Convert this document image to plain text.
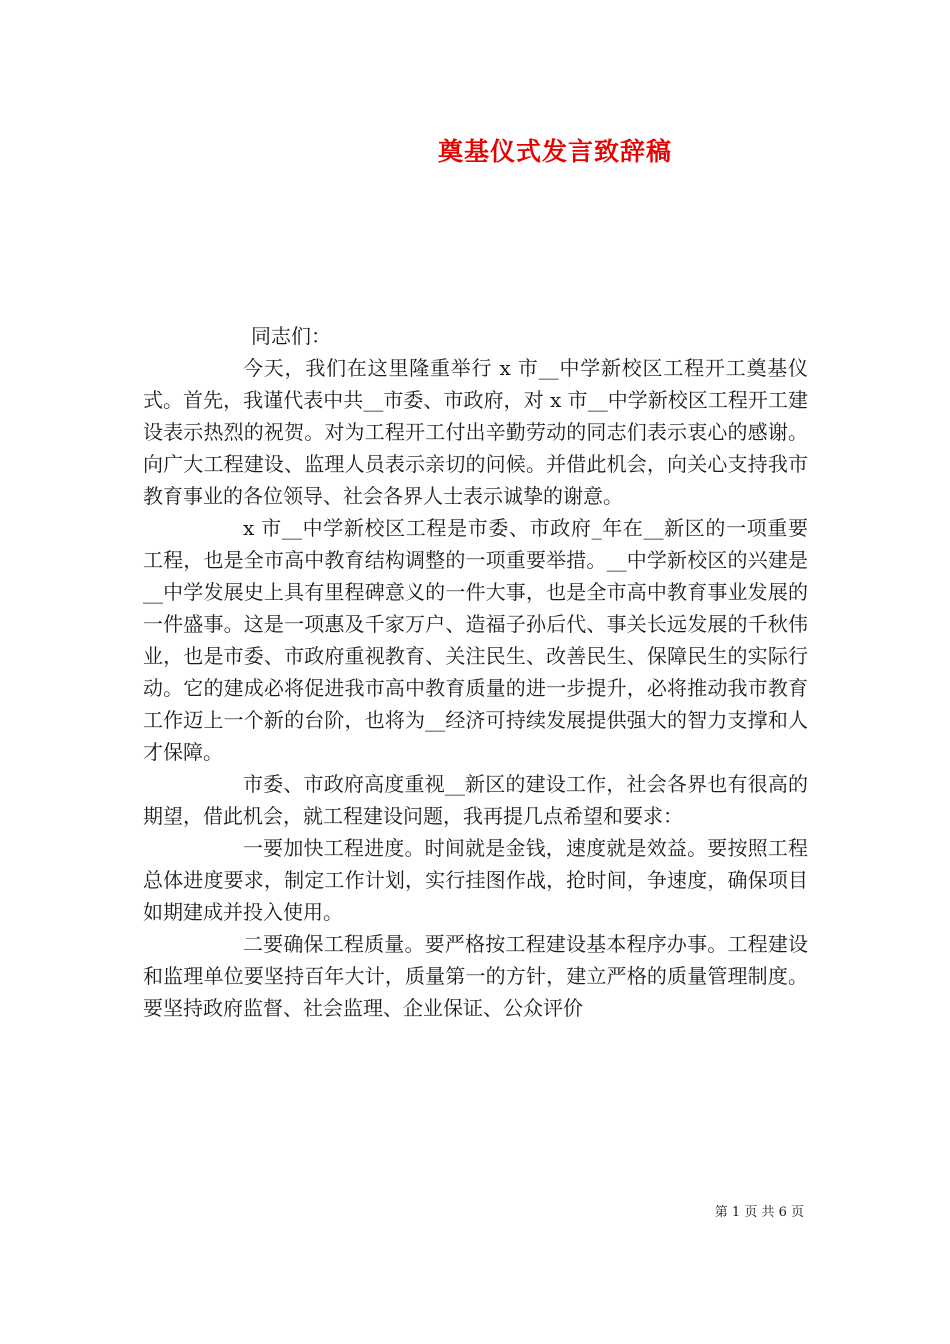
奠基仪式发言致辞稿

同志们：

今天，我们在这里隆重举行 x 市__中学新校区工程开工奠基仪式。首先，我谨代表中共__市委、市政府，对 x 市__中学新校区工程开工建设表示热烈的祝贺。对为工程开工付出辛勤劳动的同志们表示衷心的感谢。向广大工程建设、监理人员表示亲切的问候。并借此机会，向关心支持我市教育事业的各位领导、社会各界人士表示诚挚的谢意。

x 市__中学新校区工程是市委、市政府_年在__新区的一项重要工程，也是全市高中教育结构调整的一项重要举措。__中学新校区的兴建是__中学发展史上具有里程碑意义的一件大事，也是全市高中教育事业发展的一件盛事。这是一项惠及千家万户、造福子孙后代、事关长远发展的千秋伟业，也是市委、市政府重视教育、关注民生、改善民生、保障民生的实际行动。它的建成必将促进我市高中教育质量的进一步提升，必将推动我市教育工作迈上一个新的台阶，也将为__经济可持续发展提供强大的智力支撑和人才保障。

市委、市政府高度重视__新区的建设工作，社会各界也有很高的期望，借此机会，就工程建设问题，我再提几点希望和要求：

一要加快工程进度。时间就是金钱，速度就是效益。要按照工程总体进度要求，制定工作计划，实行挂图作战，抢时间，争速度，确保项目如期建成并投入使用。

二要确保工程质量。要严格按工程建设基本程序办事。工程建设和监理单位要坚持百年大计，质量第一的方针，建立严格的质量管理制度。要坚持政府监督、社会监理、企业保证、公众评价

第 1 页 共 6 页
